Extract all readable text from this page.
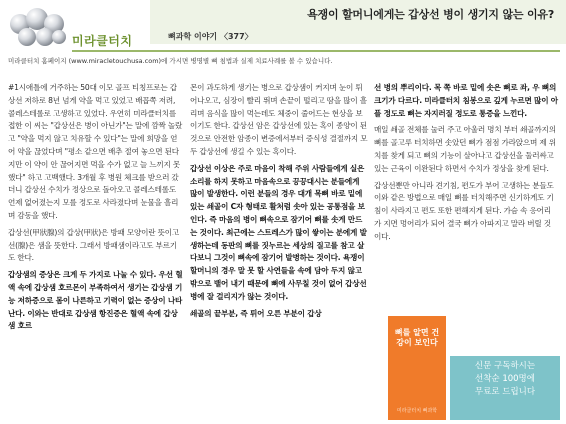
욕쟁이 할머니에게는 갑상선 병이 생기지 않는 이유?
미라클터치	뼈과학 이야기 〈377〉
미라클터치 홈페이지 (www.miracletouchusa.com)에 가시면 병명별 뼈 침법과 실제 치료사례를 볼 수 있습니다.

#1시애틀에 거주하는 50대 이모 골프 티칭프로는 갑상선 저하로 8년 넘게 약을 먹고 있었고 배꼽쪽 저려, 콜레스테롤로 고생하고 있었다. 우연히 미라클터치를 접한 이 씨는 "갑상선은 병이 아닌가"는 말에 깜짝 놀랐고 "약을 먹지 않고 치유할 수 있다"는 말에 희망을 얻어 약을 끊었다며 "평소 같으면 배추 절여 놓으면 된다지만 이 약이 안 끊어지면 먹을 수가 없고 늘 느끼지 못했다" 하고 고백했다. 3개월 후 병원 체크를 받으러 갔더니 갑상선 수치가 정상으로 돌아오고 콜레스테롤도 언제 없어졌는지 모를 정도로 사라졌다며 눈물을 흘리며 감동을 했다.

갑상선(甲狀腺)의 갑상(甲狀)은 방패 모양이란 뜻이고 선(腺)은 샘을 뜻한다. 그래서 방패샘이라고도 부르기도 한다.

갑상샘의 증상은 크게 두 가지로 나눌 수 있다. 우선 혈액 속에 갑상샘 호르몬이 부족하여서 생기는 갑상샘 기능 저하증으로 몸이 나른하고 기력이 없는 증상이 나타난다. 이와는 반대로 갑상샘 항진증은 혈액 속에 갑상샘 호르

몬이 과도하게 생기는 병으로 갑상샘이 커지며 눈이 튀어나오고, 심장이 빨리 뛰며 손끝이 떨리고 땀을 많이 흘리며 음식을 많이 먹는데도 체중이 줄어드는 현상을 보이기도 한다. 갑상선 암은 갑상선에 있는 혹이 종양이 된 것으로 안전한 암종이 변증에서부터 증식성 결절까지 모두 갑상선에 생길 수 있는 혹이다.

갑상선 이상은 주로 마음이 착해 주위 사람들에게 실은 소리를 하지 못하고 마음속으로 끙끙대시는 분들에게 많이 발생한다. 이런 분들의 경우 대개 목뼈 바로 밑에 있는 쇄골이 C자 형태로 활처럼 솟아 있는 공통점을 보인다. 즉 마음의 병이 뼈속으로 잠기어 뼈를 솟게 만드는 것이다. 최근에는 스트레스가 많이 쌓이는 분에게 발생하는데 동판의 뼈를 짓누르는 세상의 질고를 참고 살다보니 그것이 뼈속에 잠기어 발병하는 것이다. 욕쟁이 할머니의 경우 말 못 할 사연들을 속에 담아 두지 않고 밖으로 뱉어 내기 때문에 뼈에 사무칠 것이 없어 갑상선 병에 잘 걸리지가 않는 것이다.

쇄골의 끝부분, 즉 튀어 오른 부분이 갑상

선 병의 뿌리이다. 목 쪽 바로 밑에 솟은 뼈로 좌, 우 뼈의 크기가 다르다. 미라클터치 침봉으로 깊게 누르면 많이 아플 정도로 뼈는 자지러질 정도로 통증을 느낀다.

매일 쇄골 전체를 눌러 주고 아울러 명치 부터 쇄골까지의 뼈를 골고루 터치하면 솟았던 뼈가 점점 가라앉으며 제 위치를 찾게 되고 뼈의 기능이 살아나고 갑상선을 둘러싸고 있는 근육이 이완된다 하면서 수치가 정상을 찾게 된다.

갑상선뿐만 아니라 견기침, 편도가 부어 고생하는 분들도 이와 같은 방법으로 매일 뼈를 터치해주면 신기하게도 기침이 사라지고 편도 또한 편해지게 된다. 가슴 속 응어리가 지면 멍어리가 되어 결국 뼈가 아파지고 말라 버릴 것이다.

뼈를 알면 건강이 보인다
미라클터치 뼈과학
신문 구독하시는
선착순 100명에
무료로 드립니다
